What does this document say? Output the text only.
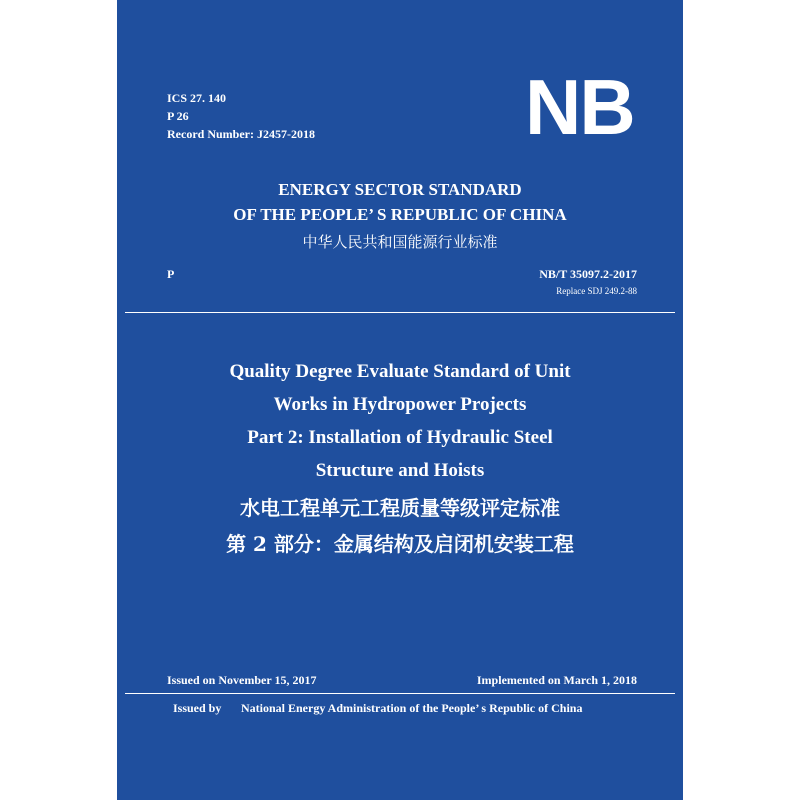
ICS 27. 140
P 26
Record Number: J2457-2018	NB
ENERGY SECTOR STANDARD
OF THE PEOPLE’ S REPUBLIC OF CHINA
中华人民共和国能源行业标准
P	NB/T 35097.2-2017
Replace SDJ 249.2-88
Quality Degree Evaluate Standard of Unit
Works in Hydropower Projects
Part 2: Installation of Hydraulic Steel
Structure and Hoists
水电工程单元工程质量等级评定标准
第 2 部分：金属结构及启闭机安装工程
Issued on November 15, 2017	Implemented on March 1, 2018
Issued by National Energy Administration of the People’ s Republic of China
